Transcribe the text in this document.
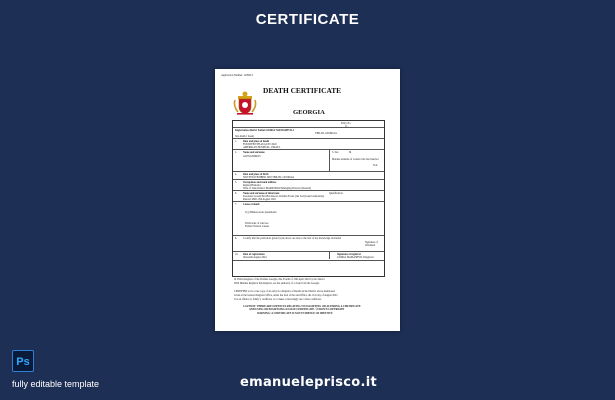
CERTIFICATE
Application Number: 1029013
DEATH CERTIFICATE
GEORGIA
Entry No.
11
Registration district Kabul GIORGI MAMASHVILI
TBILISI, GEORGIA
Sub-district Isaeni
1. Date and place of death
FOURTEENTH AUGUST 2022
AMERIKAN HOSPITAL, ISRAEL
2. Name and surname
ALEXANDROV
3. Sex	M
Maiden surname of woman who has married
N/A
4. Date and place of birth
SIXTH NOVEMBER 1963 TBILISI, GEORGIA
5. Occupation and usual address
Retired Husband
Wife of Vake District MARKSBAD Managing Director (Retired)
6. Name and surname of informant	Qualification
Kostianie Leonid Petr Hus Reaon, Dolidze Foster (the Son) Isaeni Aristadonty
Rustavi Milli 13th August 2022
7. Cause of death
I (a) Hidden Acute pneumonia
II Disorder of Glucose
Further Natural Causes
8. I certify that the particulars given by me above are true to the best of my knowledge and belief
Signature of informant
10. Date of registration	Signature of registrar
Sixteenth August 2022	GIORGI MAMASHVILI Registrar
In Tbilisi Register of the Dolidze Georgia, this Fourth of 13th April 2022 by me district
With Dharma Registrar this Register, are the authority of a clean from the Georgia
CERTIFIED to be a true copy of an entry in a Register of Deaths in the District above mentioned.
Given at the General Register Office, under the Seal of the said Office, the 11th day of August 2022
It is an offence to falsify a certificate or to make or knowingly use a false certificate.
CAUTION: THERE ARE OFFENCES RELATING TO FALSIFYING OR ALTERING A CERTIFICATE
AND USING OR POSSESSING A FALSE CERTIFICATE. ©CROWN COPYRIGHT
WARNING: A CERTIFICATE IS NOT EVIDENCE OF IDENTITY.
Ps
fully editable template	emanueleprisco.it
